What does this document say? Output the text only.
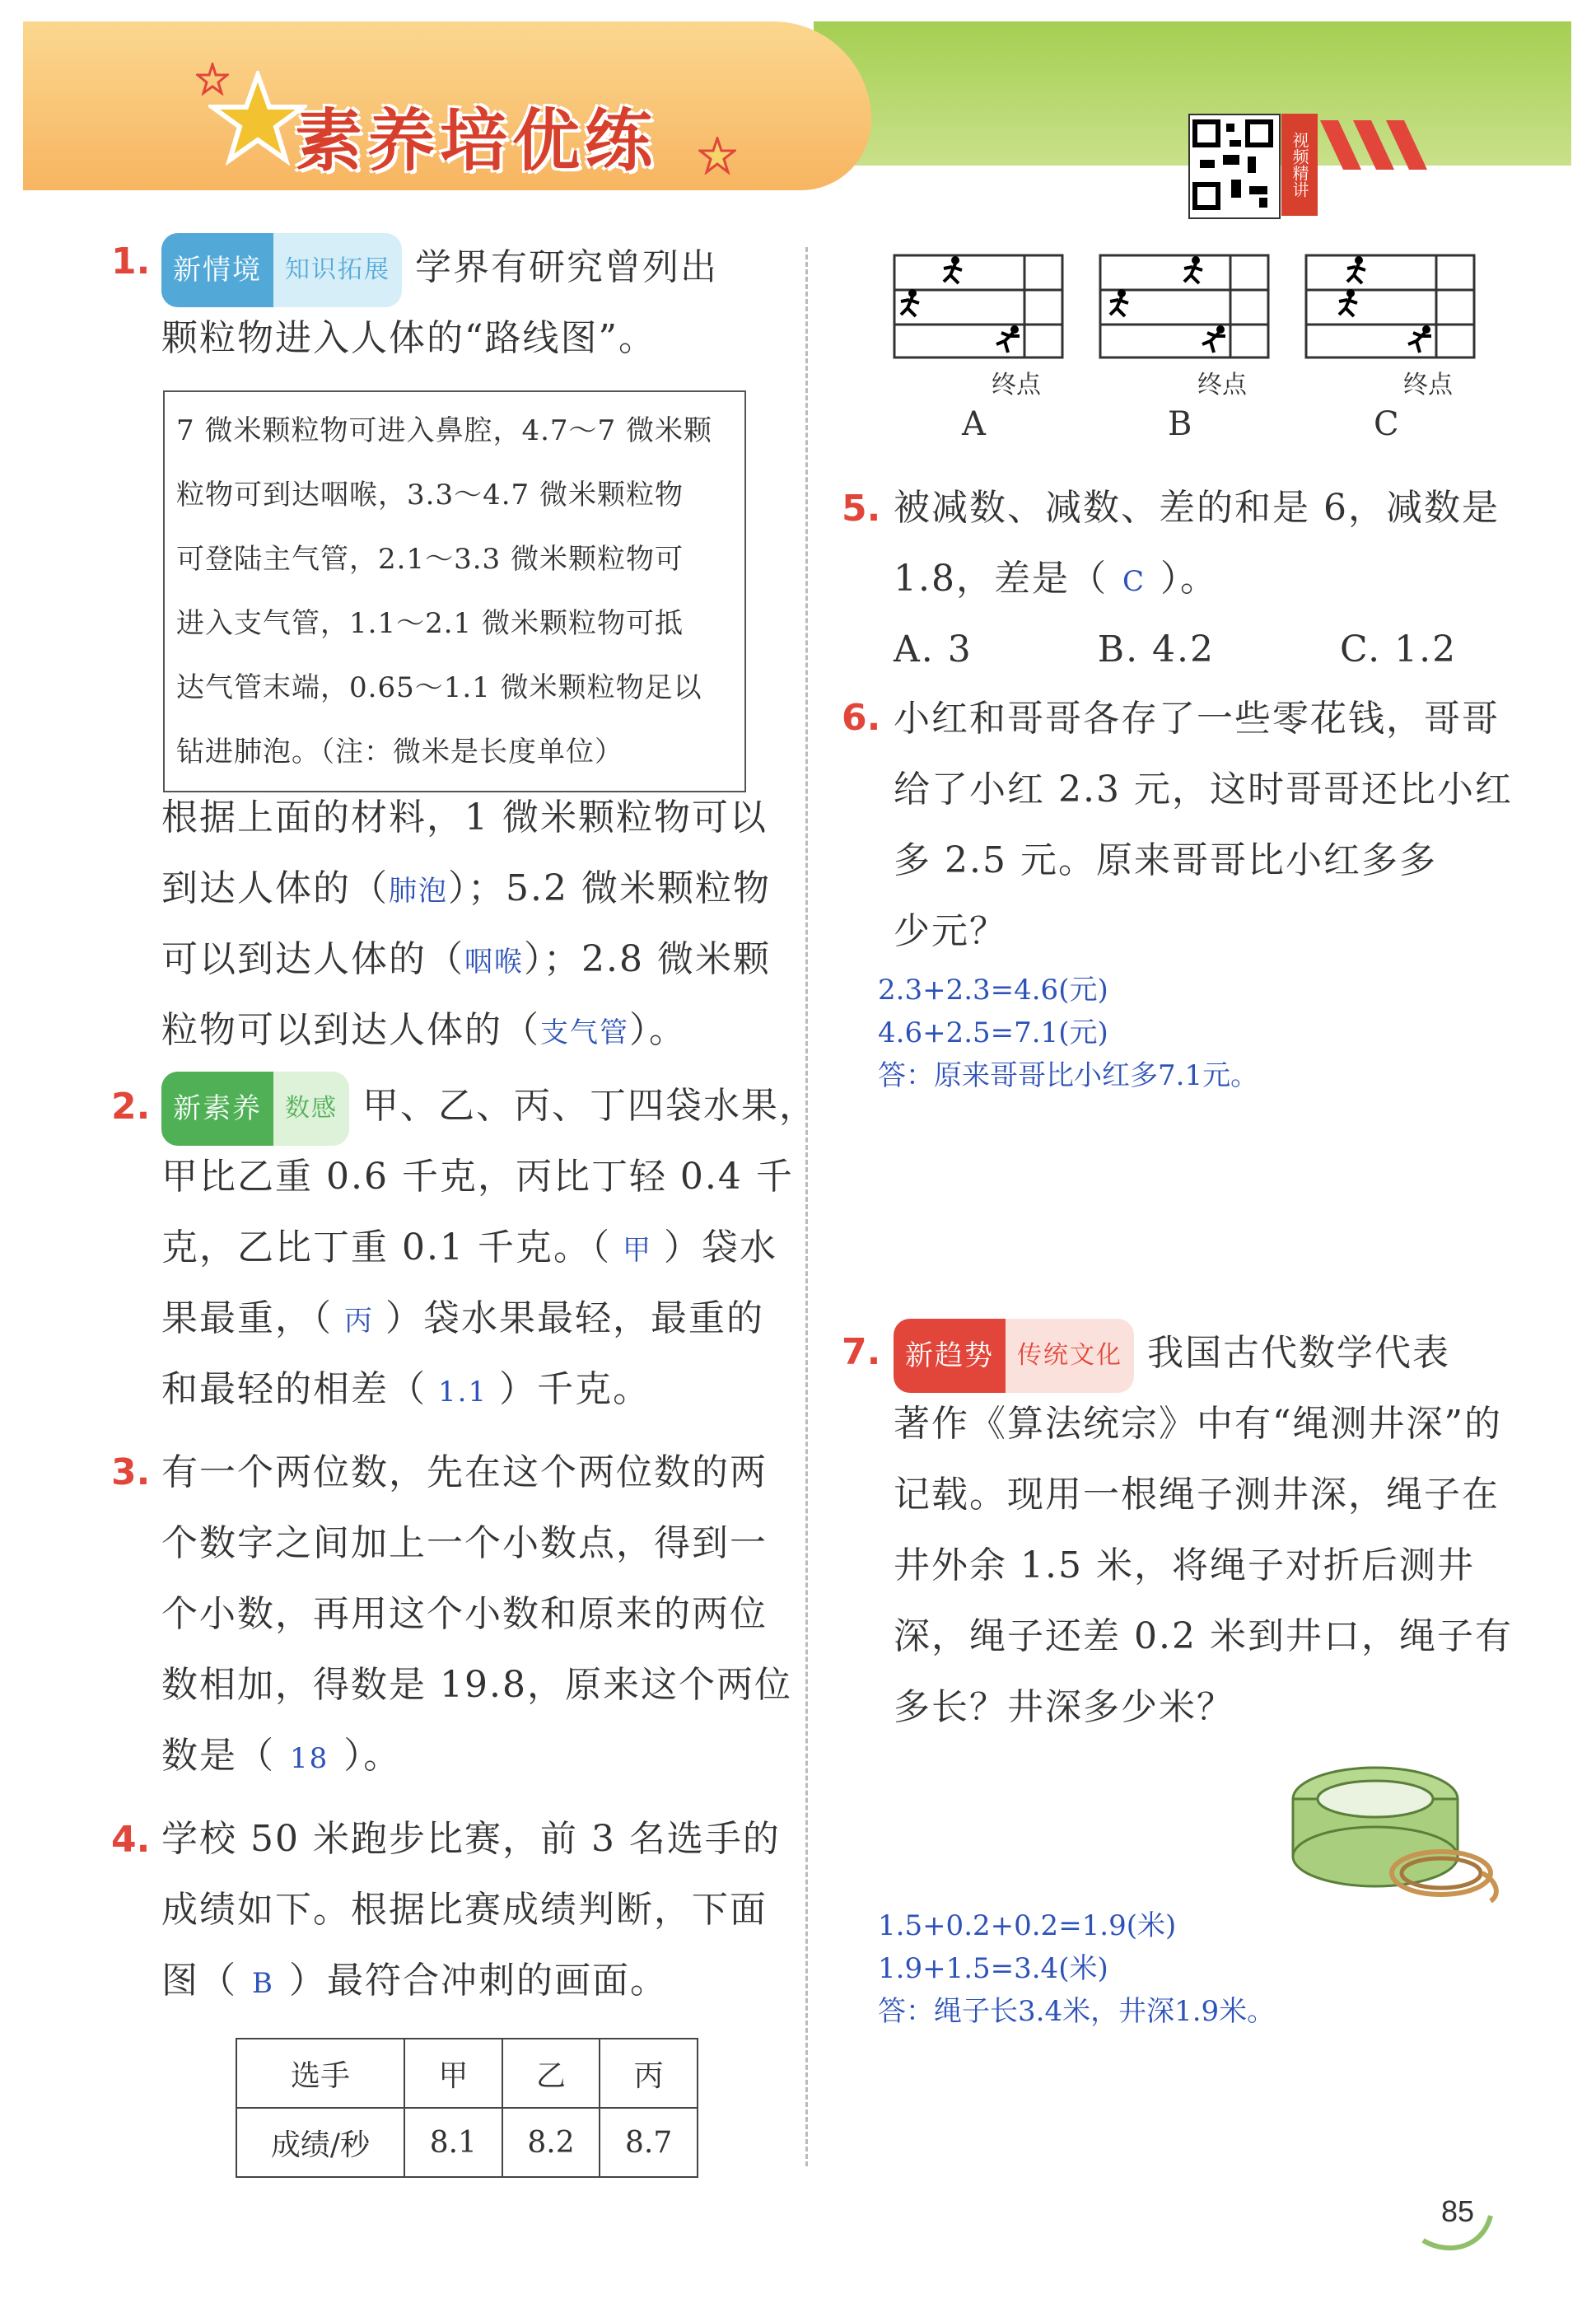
素养培优练	视频精讲
1. 新情境 知识拓展 学界有研究曾列出
颗粒物进入人体的“路线图”。
7 微米颗粒物可进入鼻腔，4.7～7 微米颗
粒物可到达咽喉，3.3～4.7 微米颗粒物
可登陆主气管，2.1～3.3 微米颗粒物可
进入支气管，1.1～2.1 微米颗粒物可抵
达气管末端，0.65～1.1 微米颗粒物足以
钻进肺泡。（注：微米是长度单位）
根据上面的材料，1 微米颗粒物可以
到达人体的（肺泡）；5.2 微米颗粒物
可以到达人体的（咽喉）；2.8 微米颗
粒物可以到达人体的（支气管）。
2. 新素养 数感 甲、乙、丙、丁四袋水果，
甲比乙重 0.6 千克，丙比丁轻 0.4 千
克，乙比丁重 0.1 千克。（ 甲 ）袋水
果最重，（ 丙 ）袋水果最轻，最重的
和最轻的相差（ 1.1 ）千克。
3. 有一个两位数，先在这个两位数的两
个数字之间加上一个小数点，得到一
个小数，再用这个小数和原来的两位
数相加，得数是 19.8，原来这个两位
数是（ 18 ）。
4. 学校 50 米跑步比赛，前 3 名选手的
成绩如下。根据比赛成绩判断，下面
图（ B ）最符合冲刺的画面。
选手	甲	乙	丙
成绩/秒	8.1	8.2	8.7
终点
A
终点
B
终点
C
5. 被减数、减数、差的和是 6，减数是
1.8，差是（ C ）。
A. 3	B. 4.2	C. 1.2
6. 小红和哥哥各存了一些零花钱，哥哥
给了小红 2.3 元，这时哥哥还比小红
多 2.5 元。原来哥哥比小红多多
少元？
2.3+2.3=4.6(元)
4.6+2.5=7.1(元)
答：原来哥哥比小红多7.1元。
7. 新趋势 传统文化 我国古代数学代表
著作《算法统宗》中有“绳测井深”的
记载。现用一根绳子测井深，绳子在
井外余 1.5 米，将绳子对折后测井
深，绳子还差 0.2 米到井口，绳子有
多长？井深多少米？
1.5+0.2+0.2=1.9(米)
1.9+1.5=3.4(米)
答：绳子长3.4米，井深1.9米。
85
